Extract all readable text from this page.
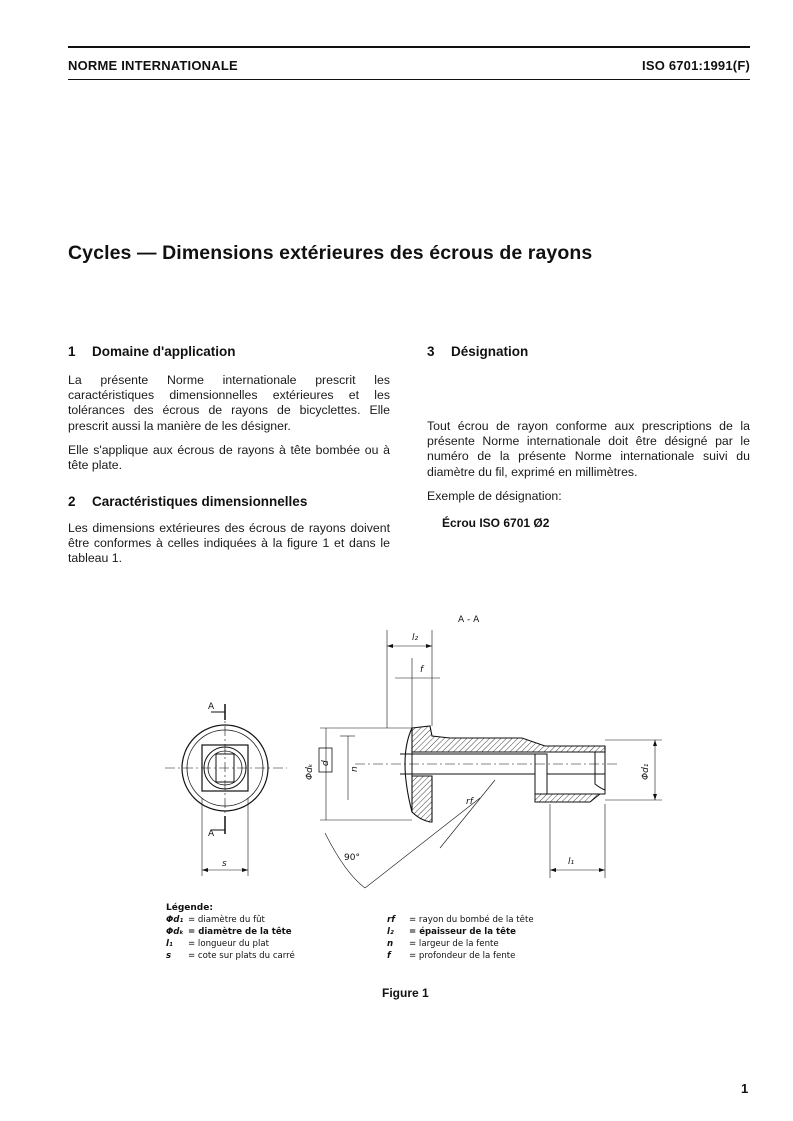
NORME INTERNATIONALE	ISO 6701:1991(F)
Cycles — Dimensions extérieures des écrous de rayons
1 Domaine d'application
La présente Norme internationale prescrit les caractéristiques dimensionnelles extérieures et les tolérances des écrous de rayons de bicyclettes. Elle prescrit aussi la manière de les désigner.
Elle s'applique aux écrous de rayons à tête bombée ou à tête plate.
2 Caractéristiques dimensionnelles
Les dimensions extérieures des écrous de rayons doivent être conformes à celles indiquées à la figure 1 et dans le tableau 1.
3 Désignation
Tout écrou de rayon conforme aux prescriptions de la présente Norme internationale doit être désigné par le numéro de la présente Norme internationale suivi du diamètre du fil, exprimé en millimètres.
Exemple de désignation:
Écrou ISO 6701 Ø2
A - A
A
A
s
l₂
f
Φdₖ
d
n
rf
Φd₁
l₁
90°
Légende:
Φd₁ = diamètre du fût
Φdₖ = diamètre de la tête
l₁ = longueur du plat
s = cote sur plats du carré
rf = rayon du bombé de la tête
l₂ = épaisseur de la tête
n = largeur de la fente
f = profondeur de la fente
Figure 1
1
